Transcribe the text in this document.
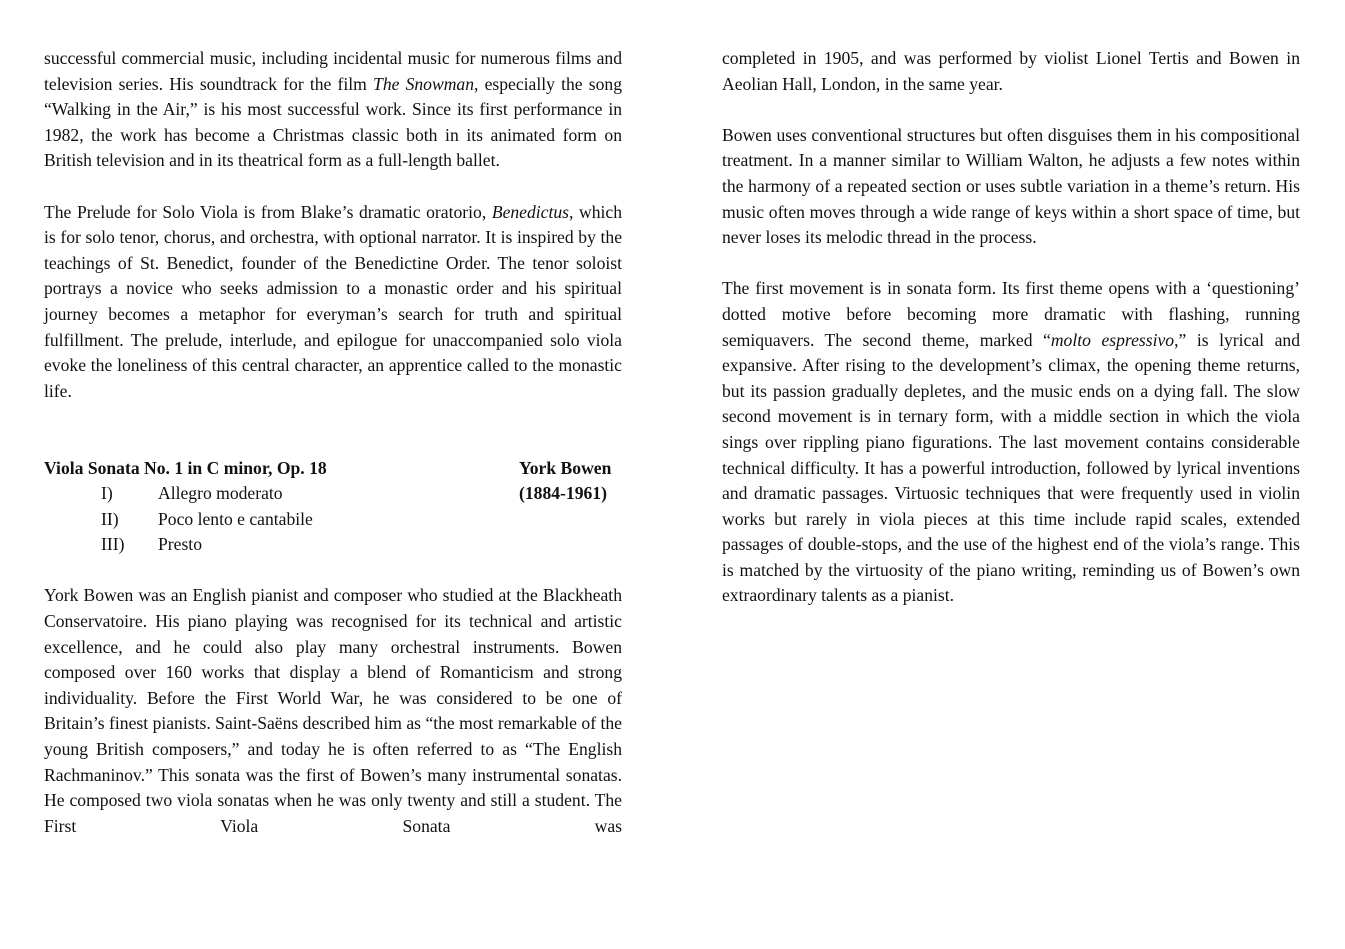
successful commercial music, including incidental music for numerous films and television series. His soundtrack for the film The Snowman, especially the song “Walking in the Air,” is his most successful work. Since its first performance in 1982, the work has become a Christmas classic both in its animated form on British television and in its theatrical form as a full-length ballet.

The Prelude for Solo Viola is from Blake’s dramatic oratorio, Benedictus, which is for solo tenor, chorus, and orchestra, with optional narrator. It is inspired by the teachings of St. Benedict, founder of the Benedictine Order. The tenor soloist portrays a novice who seeks admission to a monastic order and his spiritual journey becomes a metaphor for everyman’s search for truth and spiritual fulfillment. The prelude, interlude, and epilogue for unaccompanied solo viola evoke the loneliness of this central character, an apprentice called to the monastic life.

Viola Sonata No. 1 in C minor, Op. 18	York Bowen
(1884-1961)
I)	Allegro moderato
II)	Poco lento e cantabile
III)	Presto

York Bowen was an English pianist and composer who studied at the Blackheath Conservatoire. His piano playing was recognised for its technical and artistic excellence, and he could also play many orchestral instruments. Bowen composed over 160 works that display a blend of Romanticism and strong individuality. Before the First World War, he was considered to be one of Britain’s finest pianists. Saint-Saëns described him as “the most remarkable of the young British composers,” and today he is often referred to as “The English Rachmaninov.” This sonata was the first of Bowen’s many instrumental sonatas. He composed two viola sonatas when he was only twenty and still a student. The First Viola Sonata was

completed in 1905, and was performed by violist Lionel Tertis and Bowen in Aeolian Hall, London, in the same year.

Bowen uses conventional structures but often disguises them in his compositional treatment. In a manner similar to William Walton, he adjusts a few notes within the harmony of a repeated section or uses subtle variation in a theme’s return. His music often moves through a wide range of keys within a short space of time, but never loses its melodic thread in the process.

The first movement is in sonata form. Its first theme opens with a ‘questioning’ dotted motive before becoming more dramatic with flashing, running semiquavers. The second theme, marked “molto espressivo,” is lyrical and expansive. After rising to the development’s climax, the opening theme returns, but its passion gradually depletes, and the music ends on a dying fall. The slow second movement is in ternary form, with a middle section in which the viola sings over rippling piano figurations. The last movement contains considerable technical difficulty. It has a powerful introduction, followed by lyrical inventions and dramatic passages. Virtuosic techniques that were frequently used in violin works but rarely in viola pieces at this time include rapid scales, extended passages of double-stops, and the use of the highest end of the viola’s range. This is matched by the virtuosity of the piano writing, reminding us of Bowen’s own extraordinary talents as a pianist.
